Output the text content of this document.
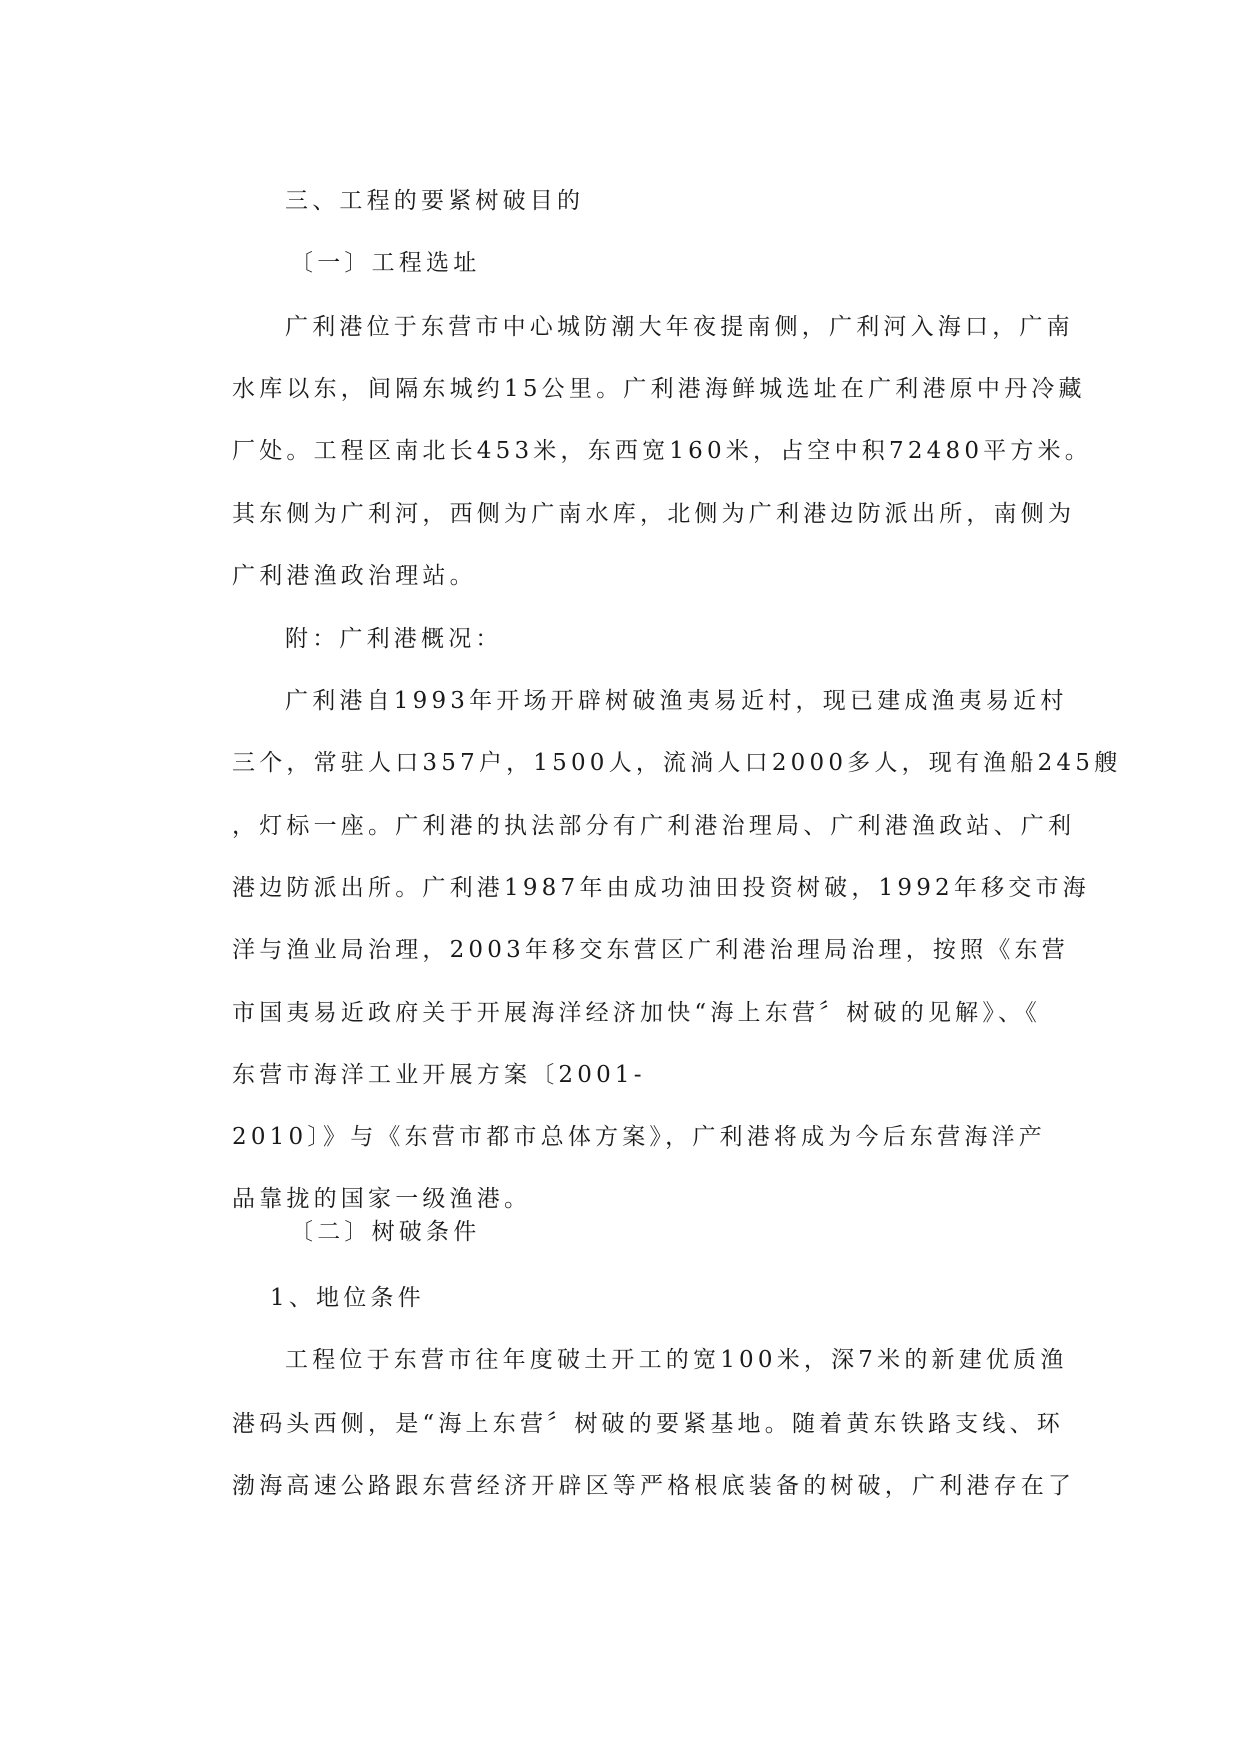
三、工程的要紧树破目的
〔一〕工程选址
广利港位于东营市中心城防潮大年夜提南侧，广利河入海口，广南
水库以东，间隔东城约15公里。广利港海鲜城选址在广利港原中丹冷藏
厂处。工程区南北长453米，东西宽160米，占空中积72480平方米。
其东侧为广利河，西侧为广南水库，北侧为广利港边防派出所，南侧为
广利港渔政治理站。
附：广利港概况：
广利港自1993年开场开辟树破渔夷易近村，现已建成渔夷易近村
三个，常驻人口357户，1500人，流淌人口2000多人，现有渔船245艘
，灯标一座。广利港的执法部分有广利港治理局、广利港渔政站、广利
港边防派出所。广利港1987年由成功油田投资树破，1992年移交市海
洋与渔业局治理，2003年移交东营区广利港治理局治理，按照《东营
市国夷易近政府关于开展海洋经济加快“海上东营〞树破的见解》、《
东营市海洋工业开展方案〔2001-
2010〕》与《东营市都市总体方案》，广利港将成为今后东营海洋产
品靠拢的国家一级渔港。
〔二〕树破条件
1、地位条件
工程位于东营市往年度破土开工的宽100米，深7米的新建优质渔
港码头西侧，是“海上东营〞树破的要紧基地。随着黄东铁路支线、环
渤海高速公路跟东营经济开辟区等严格根底装备的树破，广利港存在了
